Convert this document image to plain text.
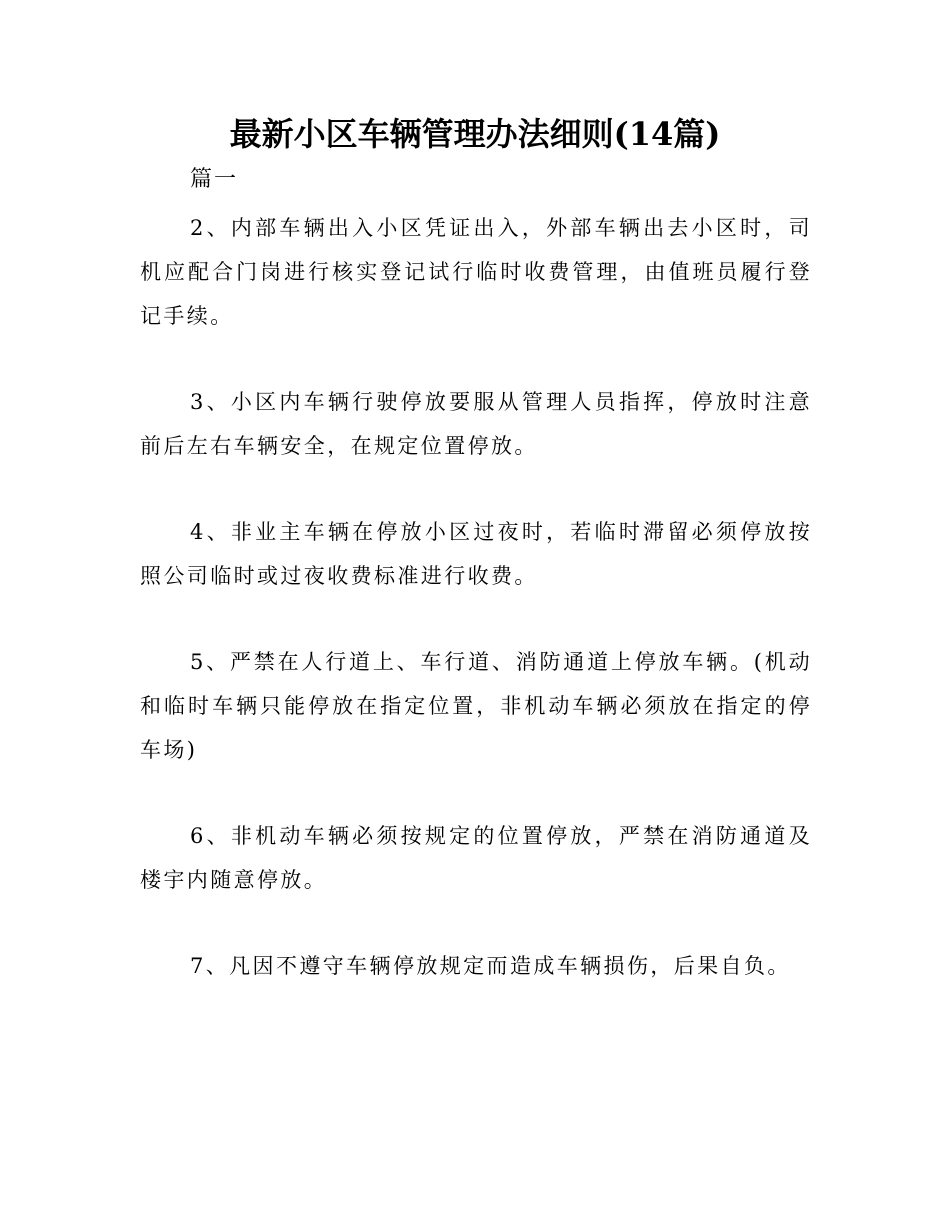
最新小区车辆管理办法细则(14篇)

篇一

2、内部车辆出入小区凭证出入，外部车辆出去小区时，司机应配合门岗进行核实登记试行临时收费管理，由值班员履行登记手续。

3、小区内车辆行驶停放要服从管理人员指挥，停放时注意前后左右车辆安全，在规定位置停放。

4、非业主车辆在停放小区过夜时，若临时滞留必须停放按照公司临时或过夜收费标准进行收费。

5、严禁在人行道上、车行道、消防通道上停放车辆。(机动和临时车辆只能停放在指定位置，非机动车辆必须放在指定的停车场)

6、非机动车辆必须按规定的位置停放，严禁在消防通道及楼宇内随意停放。

7、凡因不遵守车辆停放规定而造成车辆损伤，后果自负。
